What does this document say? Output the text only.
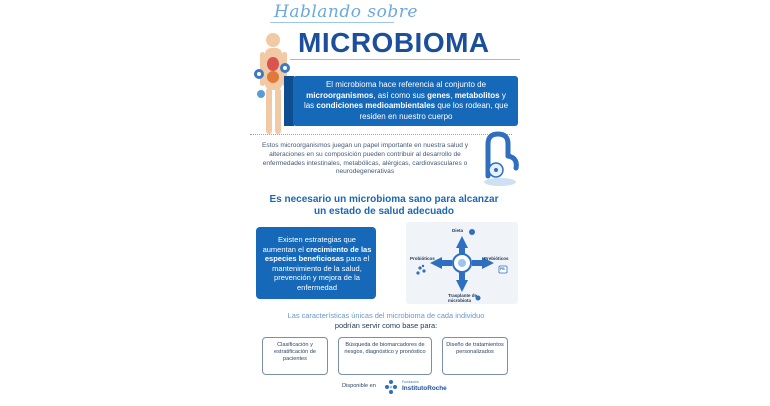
Hablando sobre
MICROBIOMA
El microbioma hace referencia al conjunto de microorganismos, así como sus genes, metabolitos y las condiciones medioambientales que los rodean, que residen en nuestro cuerpo
Estos microorganismos juegan un papel importante en nuestra salud y alteraciones en su composición pueden contribuir al desarrollo de enfermedades intestinales, metabólicas, alérgicas, cardiovasculares o neurodegenerativas
Es necesario un microbioma sano para alcanzar un estado de salud adecuado
Existen estrategias que aumentan el crecimiento de las especies beneficiosas para el mantenimiento de la salud, prevención y mejora de la enfermedad
Dieta
Probióticos	Prebióticos
PB
Trasplante de microbiota
Las características únicas del microbioma de cada individuo
podrían servir como base para:
Clasificación y estratificación de pacientes
Búsqueda de biomarcadores de riesgos, diagnóstico y pronóstico
Diseño de tratamientos personalizados
Disponible en
Fundación
InstitutoRoche
